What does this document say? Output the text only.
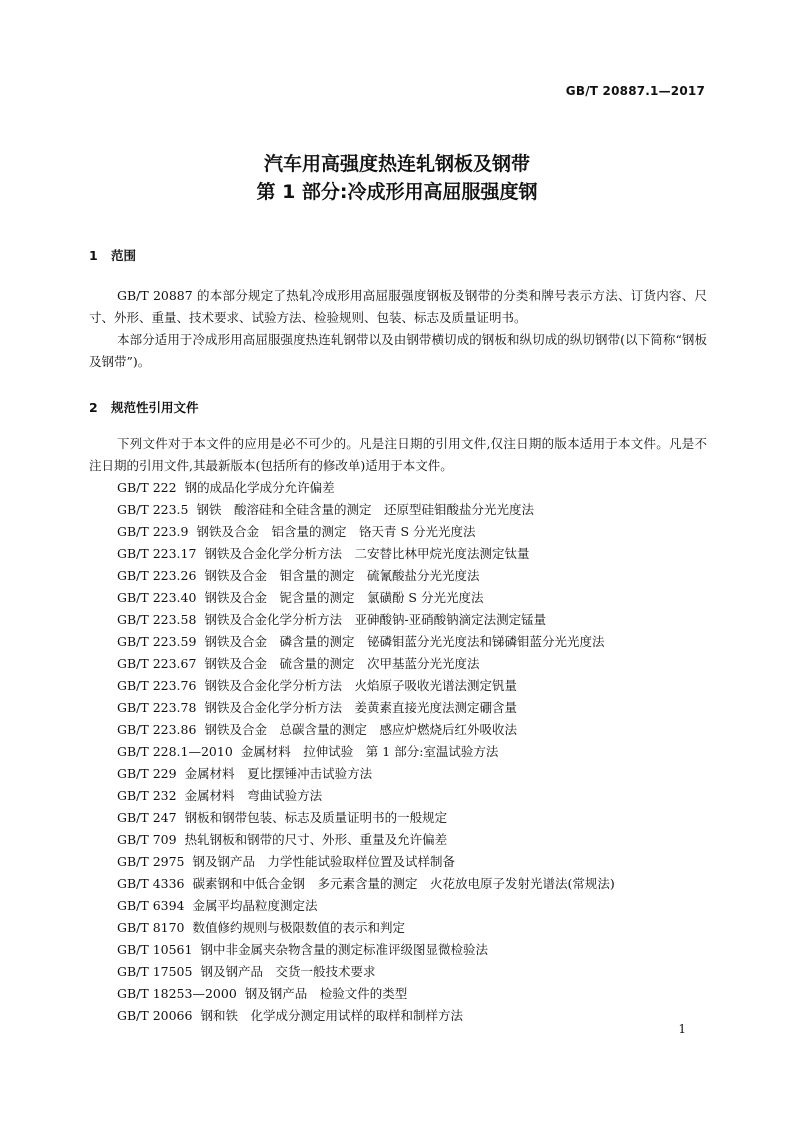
GB/T 20887.1—2017
汽车用高强度热连轧钢板及钢带
第 1 部分:冷成形用高屈服强度钢
1 范围
GB/T 20887 的本部分规定了热轧冷成形用高屈服强度钢板及钢带的分类和牌号表示方法、订货内容、尺寸、外形、重量、技术要求、试验方法、检验规则、包装、标志及质量证明书。
本部分适用于冷成形用高屈服强度热连轧钢带以及由钢带横切成的钢板和纵切成的纵切钢带(以下简称“钢板及钢带”)。
2 规范性引用文件
下列文件对于本文件的应用是必不可少的。凡是注日期的引用文件,仅注日期的版本适用于本文件。凡是不注日期的引用文件,其最新版本(包括所有的修改单)适用于本文件。
GB/T 222 钢的成品化学成分允许偏差
GB/T 223.5 钢铁　酸溶硅和全硅含量的测定　还原型硅钼酸盐分光光度法
GB/T 223.9 钢铁及合金　铝含量的测定　铬天青 S 分光光度法
GB/T 223.17 钢铁及合金化学分析方法　二安替比林甲烷光度法测定钛量
GB/T 223.26 钢铁及合金　钼含量的测定　硫氰酸盐分光光度法
GB/T 223.40 钢铁及合金　铌含量的测定　氯磺酚 S 分光光度法
GB/T 223.58 钢铁及合金化学分析方法　亚砷酸钠-亚硝酸钠滴定法测定锰量
GB/T 223.59 钢铁及合金　磷含量的测定　铋磷钼蓝分光光度法和锑磷钼蓝分光光度法
GB/T 223.67 钢铁及合金　硫含量的测定　次甲基蓝分光光度法
GB/T 223.76 钢铁及合金化学分析方法　火焰原子吸收光谱法测定钒量
GB/T 223.78 钢铁及合金化学分析方法　姜黄素直接光度法测定硼含量
GB/T 223.86 钢铁及合金　总碳含量的测定　感应炉燃烧后红外吸收法
GB/T 228.1—2010 金属材料　拉伸试验　第 1 部分:室温试验方法
GB/T 229 金属材料　夏比摆锤冲击试验方法
GB/T 232 金属材料　弯曲试验方法
GB/T 247 钢板和钢带包装、标志及质量证明书的一般规定
GB/T 709 热轧钢板和钢带的尺寸、外形、重量及允许偏差
GB/T 2975 钢及钢产品　力学性能试验取样位置及试样制备
GB/T 4336 碳素钢和中低合金钢　多元素含量的测定　火花放电原子发射光谱法(常规法)
GB/T 6394 金属平均晶粒度测定法
GB/T 8170 数值修约规则与极限数值的表示和判定
GB/T 10561 钢中非金属夹杂物含量的测定标准评级图显微检验法
GB/T 17505 钢及钢产品　交货一般技术要求
GB/T 18253—2000 钢及钢产品　检验文件的类型
GB/T 20066 钢和铁　化学成分测定用试样的取样和制样方法
1
